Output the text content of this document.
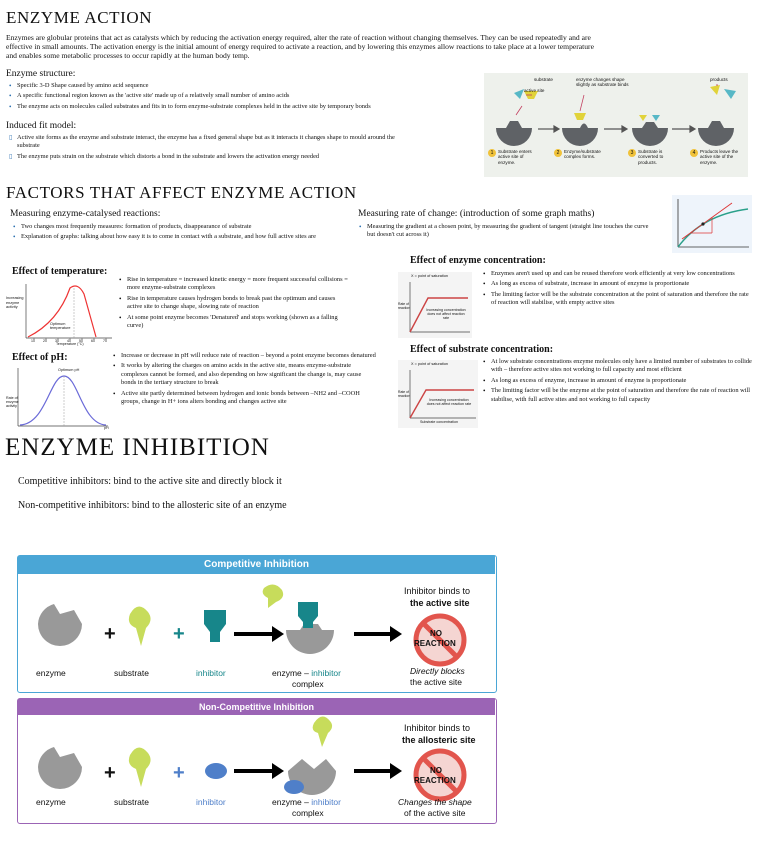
ENZYME ACTION
Enzymes are globular proteins that act as catalysts which by reducing the activation energy required, alter the rate of reaction without changing themselves. They can be used repeatedly and are effective in small amounts. The activation energy is the initial amount of energy required to activate a reaction, and by lowering this enzymes allow reactions to take place at a lower temperature and enables some metabolic processes to occur rapidly at the human body temp.
Enzyme structure:
• Specific 3-D Shape caused by amino acid sequence
• A specific functional region known as the 'active site' made up of a relatively small number of amino acids
• The enzyme acts on molecules called substrates and fits in to form enzyme-substrate complexes held in the active site by temporary bonds
Induced fit model:
▯ Active site forms as the enzyme and substrate interact, the enzyme has a fixed general shape but as it interacts it changes shape to mould around the substrate
▯ The enzyme puts strain on the substrate which distorts a bond in the substrate and lowers the activation energy needed
substrate
active site
enzyme changes shape slightly as substrate binds
products
1	Substrate enters active site of enzyme.
2	Enzyme/substrate complex forms.
3	Substrate is converted to products.
4	Products leave the active site of the enzyme.
FACTORS THAT AFFECT ENZYME ACTION
Measuring enzyme-catalysed reactions:
• Two changes most frequently measures: formation of products, disappearance of substrate
• Explanation of graphs: talking about how easy it is to come in contact with a substrate, and how full active sites are
Measuring rate of change: (introduction of some graph maths)
• Measuring the gradient at a chosen point, by measuring the gradient of tangent (straight line touches the curve but doesn't cut across it)
Effect of temperature:
Increasing enzyme activity
Optimum temperature
10 20 30 40 50 60 70
Temperature (°C)
• Rise in temperature = increased kinetic energy = more frequent successful collisions = more enzyme-substrate complexes
• Rise in temperature causes hydrogen bonds to break past the optimum and causes active site to change shape, slowing rate of reaction
• At some point enzyme becomes 'Denatured' and stops working (shown as a falling curve)
Effect of pH:
Rate of enzyme activity
Optimum pH
pH
• Increase or decrease in pH will reduce rate of reaction – beyond a point enzyme becomes denatured
• It works by altering the charges on amino acids in the active site, means enzyme-substrate complexes cannot be formed, and also depending on how significant the change is, may cause bonds in the tertiary structure to break
• Active site partly determined between hydrogen and ionic bonds between –NH2 and –COOH groups, change in H+ ions alters bonding and changes active site
Effect of enzyme concentration:
X = point of saturation
Increasing concentration does not affect reaction rate
Rate of reaction
• Enzymes aren't used up and can be reused therefore work efficiently at very low concentrations
• As long as excess of substrate, increase in amount of enzyme is proportionate
• The limiting factor will be the substrate concentration at the point of saturation and therefore the rate of reaction will stabilise, with empty active sites
Effect of substrate concentration:
X = point of saturation
Increasing concentration does not affect reaction rate
Rate of reaction
Substrate concentration
• At low substrate concentrations enzyme molecules only have a limited number of substrates to collide with – therefore active sites not working to full capacity and most efficient
• As long as excess of enzyme, increase in amount of enzyme is proportionate
• The limiting factor will be the enzyme at the point of saturation and therefore the rate of reaction will stabilise, with full active sites and not working to full capacity
ENZYME INHIBITION
Competitive inhibitors: bind to the active site and directly block it
Non-competitive inhibitors: bind to the allosteric site of an enzyme
Competitive Inhibition
+	+
enzyme	substrate	inhibitor	enzyme – inhibitor
complex
Inhibitor binds to
the active site
NO
REACTION
Directly blocks
the active site
Non-Competitive Inhibition
+	+
enzyme	substrate	inhibitor	enzyme – inhibitor
complex
Inhibitor binds to
the allosteric site
NO
REACTION
Changes the shape
of the active site
